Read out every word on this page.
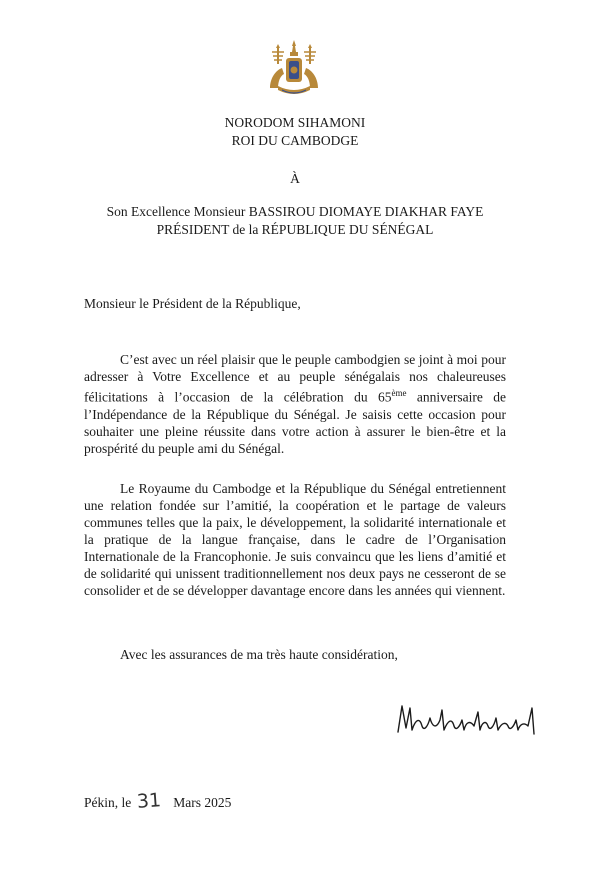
NORODOM SIHAMONI
ROI DU CAMBODGE
À
Son Excellence Monsieur BASSIROU DIOMAYE DIAKHAR FAYE
PRÉSIDENT de la RÉPUBLIQUE DU SÉNÉGAL
Monsieur le Président de la République,

C’est avec un réel plaisir que le peuple cambodgien se joint à moi pour adresser à Votre Excellence et au peuple sénégalais nos chaleureuses félicitations à l’occasion de la célébration du 65ème anniversaire de l’Indépendance de la République du Sénégal. Je saisis cette occasion pour souhaiter une pleine réussite dans votre action à assurer le bien-être et la prospérité du peuple ami du Sénégal.

Le Royaume du Cambodge et la République du Sénégal entretiennent une relation fondée sur l’amitié, la coopération et le partage de valeurs communes telles que la paix, le développement, la solidarité internationale et la pratique de la langue française, dans le cadre de l’Organisation Internationale de la Francophonie. Je suis convaincu que les liens d’amitié et de solidarité qui unissent traditionnellement nos deux pays ne cesseront de se consolider et de se développer davantage encore dans les années qui viennent.

Avec les assurances de ma très haute considération,
Pékin, le 31 Mars 2025
